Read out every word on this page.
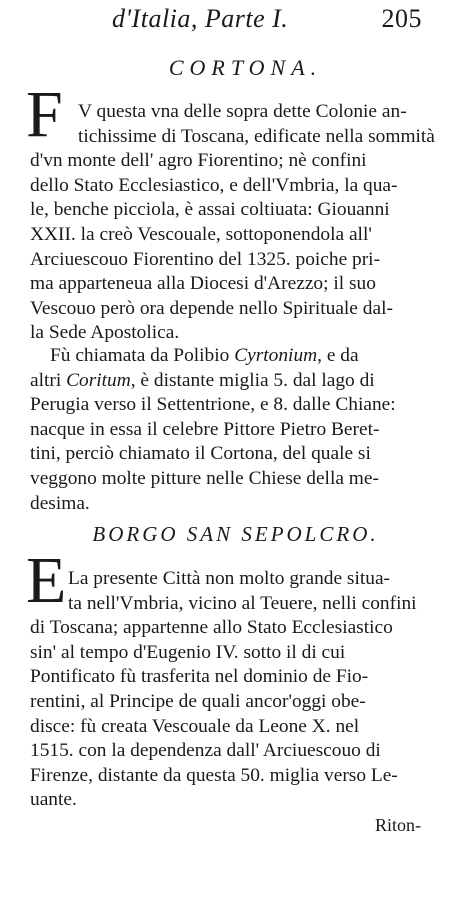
d'Italia, Parte I.	205
CORTONA.
F V questa vna delle sopra dette Colonie an-
tichissime di Toscana, edificate nella sommità
d'vn monte dell' agro Fiorentino; nè confini
dello Stato Ecclesiastico, e dell'Vmbria, la qua-
le, benche picciola, è assai coltiuata: Giouanni
XXII. la creò Vescouale, sottoponendola all'
Arciuescouo Fiorentino del 1325. poiche pri-
ma apparteneua alla Diocesi d'Arezzo; il suo
Vescouo però ora depende nello Spirituale dal-
la Sede Apostolica.
Fù chiamata da Polibio Cyrtonium, e da
altri Coritum, è distante miglia 5. dal lago di
Perugia verso il Settentrione, e 8. dalle Chiane:
nacque in essa il celebre Pittore Pietro Beret-
tini, perciò chiamato il Cortona, del quale si
veggono molte pitture nelle Chiese della me-
desima.
BORGO SAN SEPOLCRO.
E La presente Città non molto grande situa-
ta nell'Vmbria, vicino al Teuere, nelli confini
di Toscana; appartenne allo Stato Ecclesiastico
sin' al tempo d'Eugenio IV. sotto il di cui
Pontificato fù trasferita nel dominio de Fio-
rentini, al Principe de quali ancor'oggi obe-
disce: fù creata Vescouale da Leone X. nel
1515. con la dependenza dall' Arciuescouo di
Firenze, distante da questa 50. miglia verso Le-
uante.
Riton-
